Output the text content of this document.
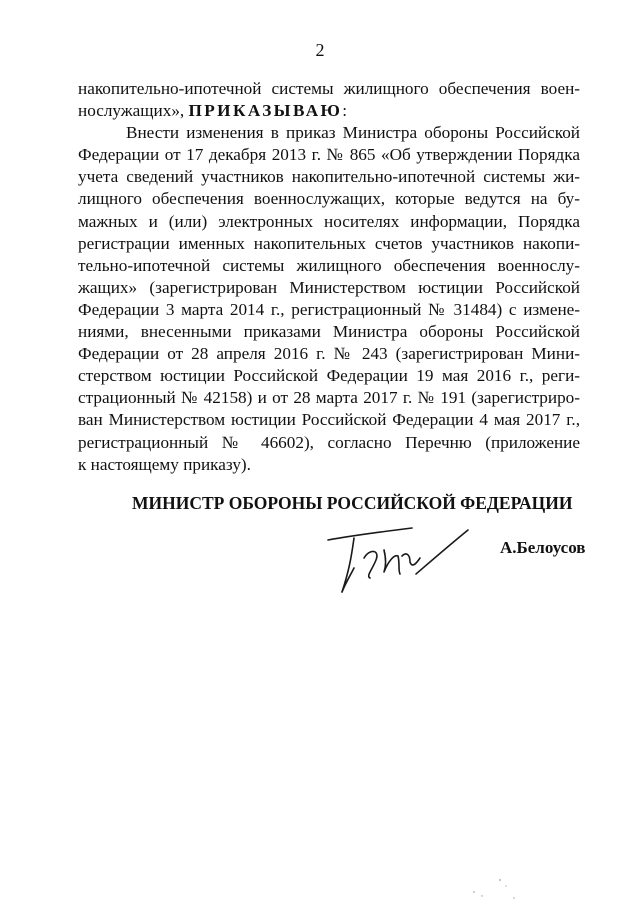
2
накопительно-ипотечной системы жилищного обеспечения воен-
нослужащих», ПРИКАЗЫВАЮ:
Внести изменения в приказ Министра обороны Российской
Федерации от 17 декабря 2013 г. № 865 «Об утверждении Порядка
учета сведений участников накопительно-ипотечной системы жи-
лищного обеспечения военнослужащих, которые ведутся на бу-
мажных и (или) электронных носителях информации, Порядка
регистрации именных накопительных счетов участников накопи-
тельно-ипотечной системы жилищного обеспечения военнослу-
жащих» (зарегистрирован Министерством юстиции Российской
Федерации 3 марта 2014 г., регистрационный № 31484) с измене-
ниями, внесенными приказами Министра обороны Российской
Федерации от 28 апреля 2016 г. № 243 (зарегистрирован Мини-
стерством юстиции Российской Федерации 19 мая 2016 г., реги-
страционный № 42158) и от 28 марта 2017 г. № 191 (зарегистриро-
ван Министерством юстиции Российской Федерации 4 мая 2017 г.,
регистрационный № 46602), согласно Перечню (приложение
к настоящему приказу).
МИНИСТР ОБОРОНЫ РОССИЙСКОЙ ФЕДЕРАЦИИ
А.Белоусов
